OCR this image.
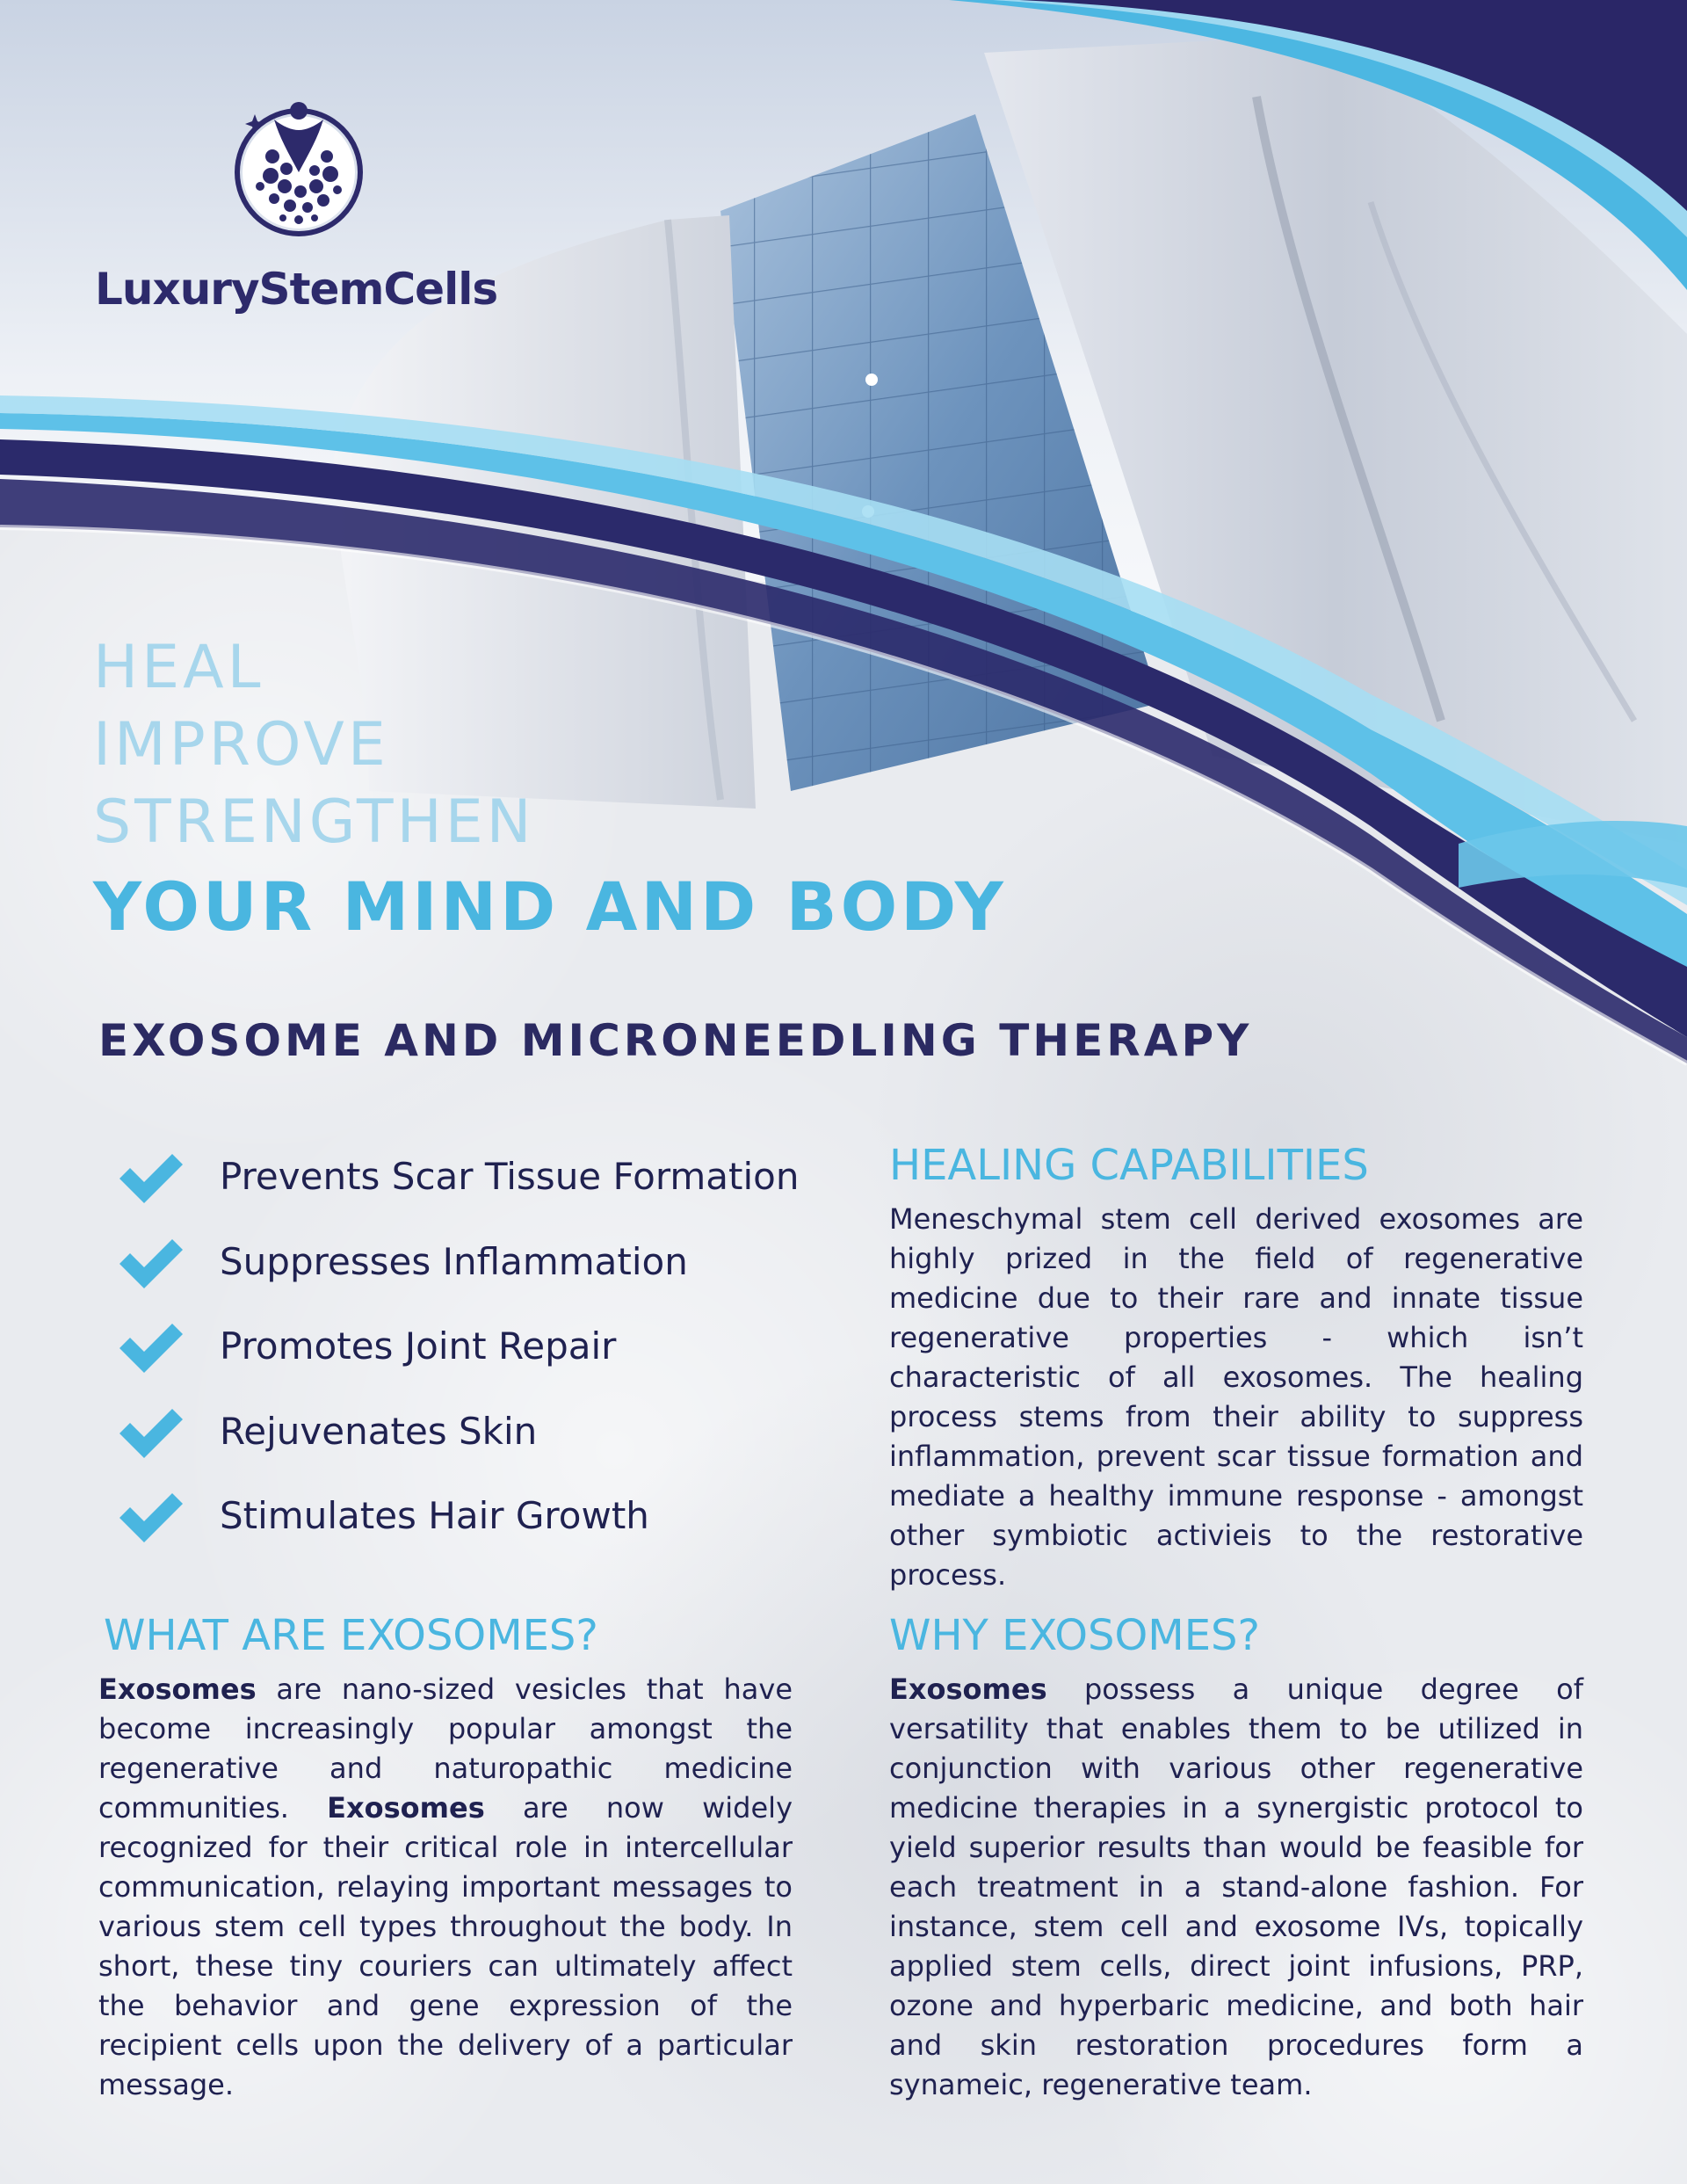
LuxuryStemCells
HEAL
IMPROVE
STRENGTHEN
YOUR MIND AND BODY
EXOSOME AND MICRONEEDLING THERAPY
Prevents Scar Tissue Formation
Suppresses Inflammation
Promotes Joint Repair
Rejuvenates Skin
Stimulates Hair Growth
HEALING CAPABILITIES

Meneschymal stem cell derived exosomes are highly prized in the field of regenerative medicine due to their rare and innate tissue regenerative properties - which isn’t characteristic of all exosomes. The healing process stems from their ability to suppress inflammation, prevent scar tissue formation and mediate a healthy immune response - amongst other symbiotic activieis to the restorative process.

WHAT ARE EXOSOMES?

Exosomes are nano-sized vesicles that have become increasingly popular amongst the regenerative and naturopathic medicine communities. Exosomes are now widely recognized for their critical role in intercellular communication, relaying important messages to various stem cell types throughout the body. In short, these tiny couriers can ultimately affect the behavior and gene expression of the recipient cells upon the delivery of a particular message.

WHY EXOSOMES?

Exosomes possess a unique degree of versatility that enables them to be utilized in conjunction with various other regenerative medicine therapies in a synergistic protocol to yield superior results than would be feasible for each treatment in a stand-alone fashion. For instance, stem cell and exosome IVs, topically applied stem cells, direct joint infusions, PRP, ozone and hyperbaric medicine, and both hair and skin restoration procedures form a synameic, regenerative team.
